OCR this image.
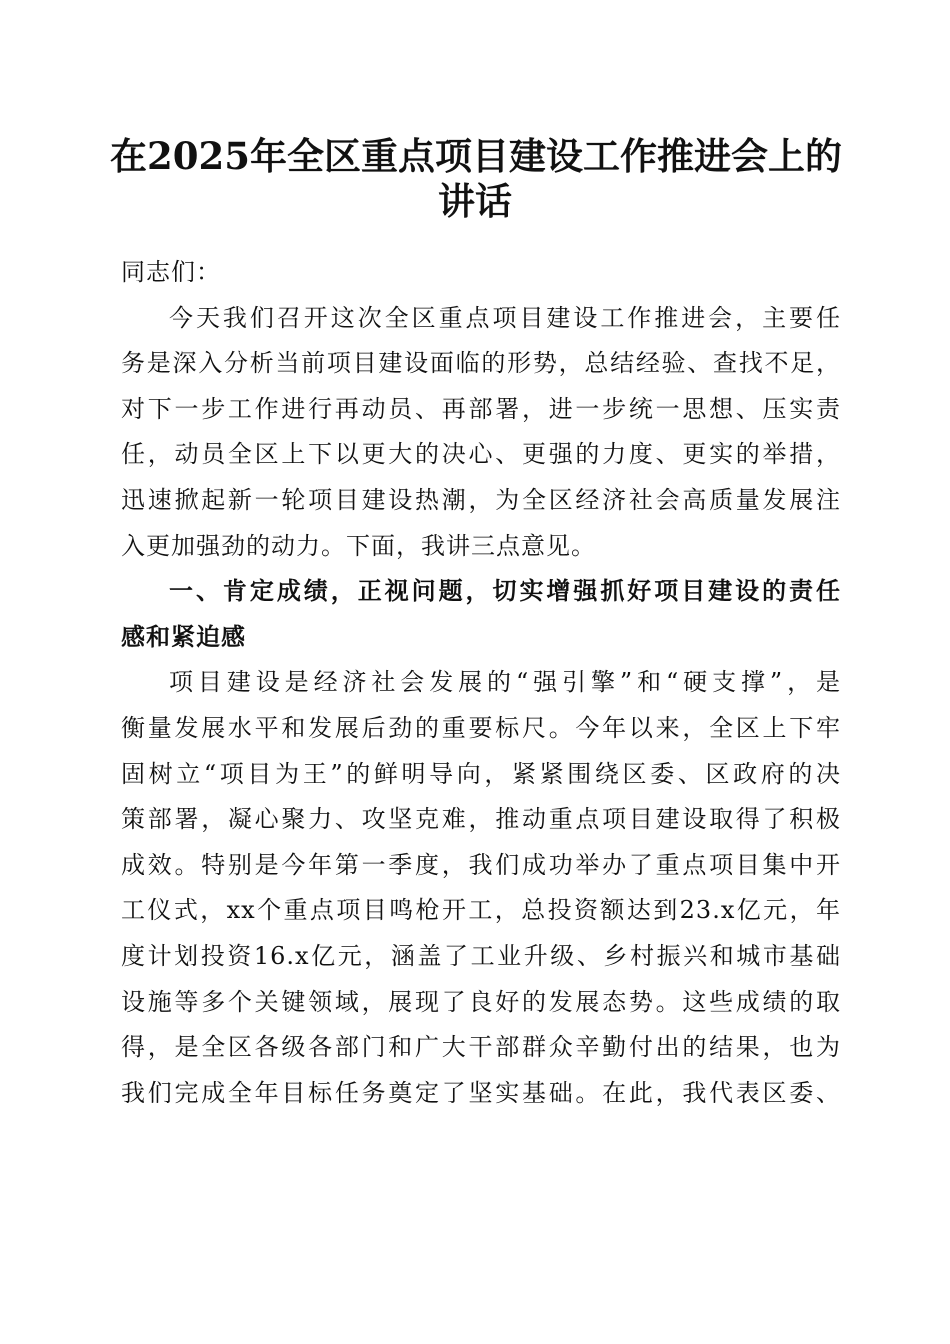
在2025年全区重点项目建设工作推进会上的
讲话
同志们：
今天我们召开这次全区重点项目建设工作推进会，主要任
务是深入分析当前项目建设面临的形势，总结经验、查找不足，
对下一步工作进行再动员、再部署，进一步统一思想、压实责
任，动员全区上下以更大的决心、更强的力度、更实的举措，
迅速掀起新一轮项目建设热潮，为全区经济社会高质量发展注
入更加强劲的动力。下面，我讲三点意见。
一、肯定成绩，正视问题，切实增强抓好项目建设的责任
感和紧迫感
项目建设是经济社会发展的“强引擎”和“硬支撑”，是
衡量发展水平和发展后劲的重要标尺。今年以来，全区上下牢
固树立“项目为王”的鲜明导向，紧紧围绕区委、区政府的决
策部署，凝心聚力、攻坚克难，推动重点项目建设取得了积极
成效。特别是今年第一季度，我们成功举办了重点项目集中开
工仪式，xx个重点项目鸣枪开工，总投资额达到23.x亿元，年
度计划投资16.x亿元，涵盖了工业升级、乡村振兴和城市基础
设施等多个关键领域，展现了良好的发展态势。这些成绩的取
得，是全区各级各部门和广大干部群众辛勤付出的结果，也为
我们完成全年目标任务奠定了坚实基础。在此，我代表区委、
